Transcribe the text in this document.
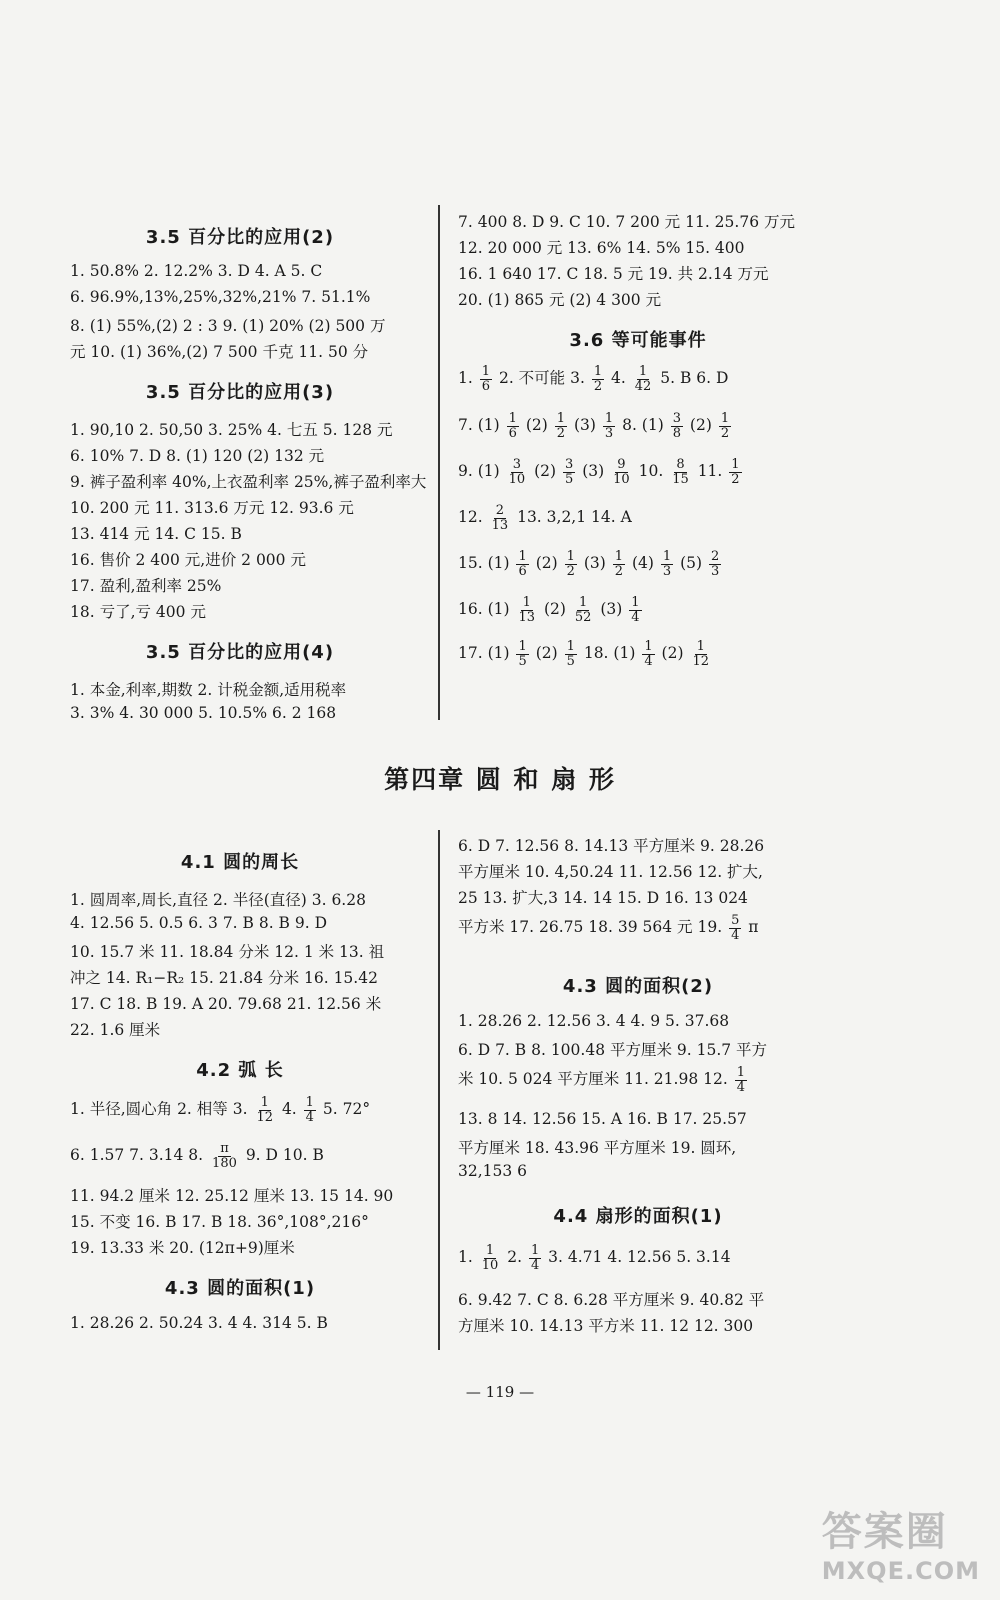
3.5 百分比的应用(2)
1. 50.8% 2. 12.2% 3. D 4. A 5. C
6. 96.9%,13%,25%,32%,21% 7. 51.1%
8. (1) 55%,(2) 2 : 3 9. (1) 20% (2) 500 万
元 10. (1) 36%,(2) 7 500 千克 11. 50 分
3.5 百分比的应用(3)
1. 90,10 2. 50,50 3. 25% 4. 七五 5. 128 元
6. 10% 7. D 8. (1) 120 (2) 132 元
9. 裤子盈利率 40%,上衣盈利率 25%,裤子盈利率大
10. 200 元 11. 313.6 万元 12. 93.6 元
13. 414 元 14. C 15. B
16. 售价 2 400 元,进价 2 000 元
17. 盈利,盈利率 25%
18. 亏了,亏 400 元
3.5 百分比的应用(4)
1. 本金,利率,期数 2. 计税金额,适用税率
3. 3% 4. 30 000 5. 10.5% 6. 2 168
7. 400 8. D 9. C 10. 7 200 元 11. 25.76 万元
12. 20 000 元 13. 6% 14. 5% 15. 400
16. 1 640 17. C 18. 5 元 19. 共 2.14 万元
20. (1) 865 元 (2) 4 300 元
3.6 等可能事件
1. $\frac{1}{6} 2$. 不可能 3. $\frac{1}{2} 4$. $\frac{1}{42} 5$. B 6. D
7. $(1) \frac{1}{6} (2) \frac{1}{2} (3) \frac{1}{3} 8$. $(1) \frac{3}{8} (2) \frac{1}{2}$
9. $(1) \frac{3}{10} (2) \frac{3}{5} (3) \frac{9}{10} 10$. $\frac{8}{15} 11$. $\frac{1}{2}$
12. $\frac{2}{13} 13$. 3,2,1 14. A
15. $(1) \frac{1}{6} (2) \frac{1}{2} (3) \frac{1}{2} (4) \frac{1}{3} (5) \frac{2}{3}$
16. $(1) \frac{1}{13} (2) \frac{1}{52} (3) \frac{1}{4}$
17. $(1) \frac{1}{5} (2) \frac{1}{5} 18$. $(1) \frac{1}{4} (2) \frac{1}{12}$
第四章 圆 和 扇 形
4.1 圆的周长
1. 圆周率,周长,直径 2. 半径(直径) 3. 6.28
4. 12.56 5. 0.5 6. 3 7. B 8. B 9. D
10. 15.7 米 11. 18.84 分米 12. 1 米 13. 祖
冲之 14. R₁−R₂ 15. 21.84 分米 16. 15.42
17. C 18. B 19. A 20. 79.68 21. 12.56 米
22. 1.6 厘米
4.2 弧 长
1. 半径,圆心角 2. 相等 3. $\frac{1}{12} 4$. $\frac{1}{4} 5$. 72°
6. 1.57 7. 3.14 8. $\frac{\pi}{180} 9$. D 10. B
11. 94.2 厘米 12. 25.12 厘米 13. 15 14. 90
15. 不变 16. B 17. B 18. 36°,108°,216°
19. 13.33 米 20. (12π+9)厘米
4.3 圆的面积(1)
1. 28.26 2. 50.24 3. 4 4. 314 5. B
6. D 7. 12.56 8. 14.13 平方厘米 9. 28.26
平方厘米 10. 4,50.24 11. 12.56 12. 扩大,
25 13. 扩大,3 14. 14 15. D 16. 13 024
平方米 17. 26.75 18. 39 564 元 19. $\frac{5}{4}$ π
4.3 圆的面积(2)
1. 28.26 2. 12.56 3. 4 4. 9 5. 37.68
6. D 7. B 8. 100.48 平方厘米 9. 15.7 平方
米 10. 5 024 平方厘米 11. 21.98 12. $\frac{1}{4}$
13. 8 14. 12.56 15. A 16. B 17. 25.57
平方厘米 18. 43.96 平方厘米 19. 圆环,
32,153 6
4.4 扇形的面积(1)
1. $\frac{1}{10} 2$. $\frac{1}{4} 3$. 4.71 4. 12.56 5. 3.14
6. 9.42 7. C 8. 6.28 平方厘米 9. 40.82 平
方厘米 10. 14.13 平方米 11. 12 12. 300
— 119 —
答案圈
MXQE.COM
